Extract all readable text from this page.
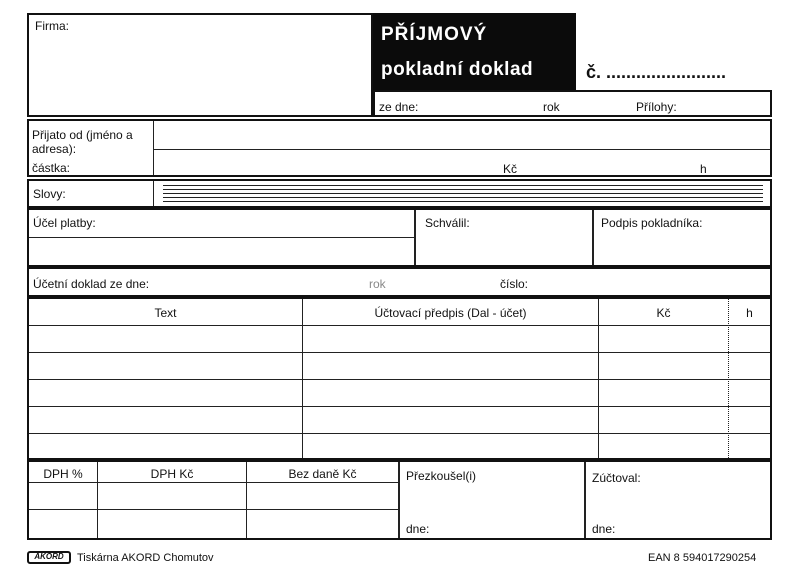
Firma:	PŘÍJMOVÝ
pokladní doklad	č. ........................
ze dne:	rok	Přílohy:
Přijato od (jméno a adresa):
částka:	Kč	h
Slovy:
Účel platby:	Schválil:	Podpis pokladníka:
Účetní doklad ze dne:	rok	číslo:
Text	Účtovací předpis (Dal - účet)	Kč	h
DPH %	DPH Kč	Bez daně Kč	Přezkoušel(i)	Zúčtoval:
dne:	dne:
AKORD	Tiskárna AKORD Chomutov	EAN 8 594017290254
